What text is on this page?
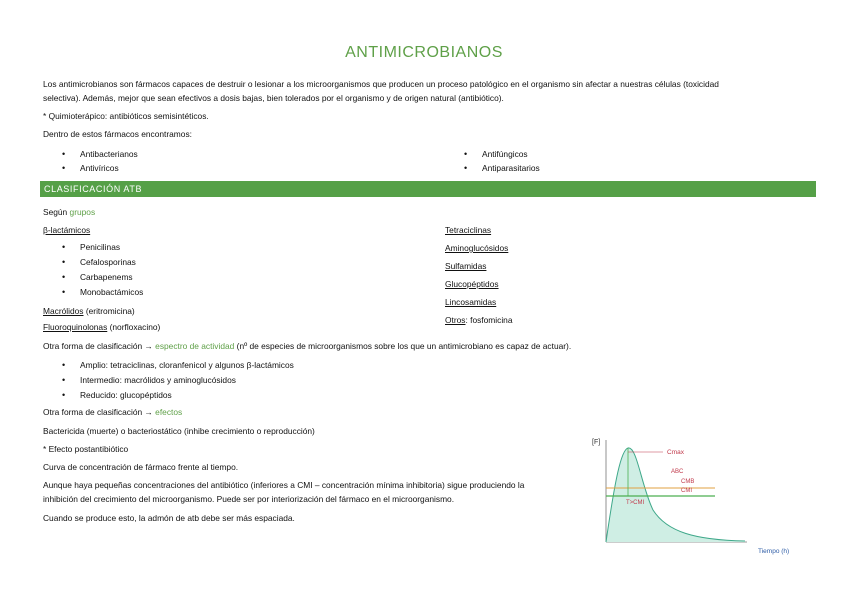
ANTIMICROBIANOS
Los antimicrobianos son fármacos capaces de destruir o lesionar a los microorganismos que producen un proceso patológico en el organismo sin afectar a nuestras células (toxicidad
selectiva). Además, mejor que sean efectivos a dosis bajas, bien tolerados por el organismo y de origen natural (antibiótico).
* Quimioterápico: antibióticos semisintéticos.
Dentro de estos fármacos encontramos:
• Antibacterianos
• Antivíricos
• Antifúngicos
• Antiparasitarios
CLASIFICACIÓN ATB
Según grupos
β-lactámicos
• Penicilinas
• Cefalosporinas
• Carbapenems
• Monobactámicos
Macrólidos (eritromicina)
Fluoroquinolonas (norfloxacino)
Tetraciclinas
Aminoglucósidos
Sulfamidas
Glucopéptidos
Lincosamidas
Otros: fosfomicina
Otra forma de clasificación → espectro de actividad (nº de especies de microorganismos sobre los que un antimicrobiano es capaz de actuar).
• Amplio: tetraciclinas, cloranfenicol y algunos β-lactámicos
• Intermedio: macrólidos y aminoglucósidos
• Reducido: glucopéptidos
Otra forma de clasificación → efectos
Bactericida (muerte) o bacteriostático (inhibe crecimiento o reproducción)
* Efecto postantibiótico
Curva de concentración de fármaco frente al tiempo.
Aunque haya pequeñas concentraciones del antibiótico (inferiores a CMI – concentración mínima inhibitoria) sigue produciendo la
inhibición del crecimiento del microorganismo. Puede ser por interiorización del fármaco en el microorganismo.
Cuando se produce esto, la admón de atb debe ser más espaciada.
[F]
Cmax
ABC
CMB
CMI
T>CMI
Tiempo (h)
